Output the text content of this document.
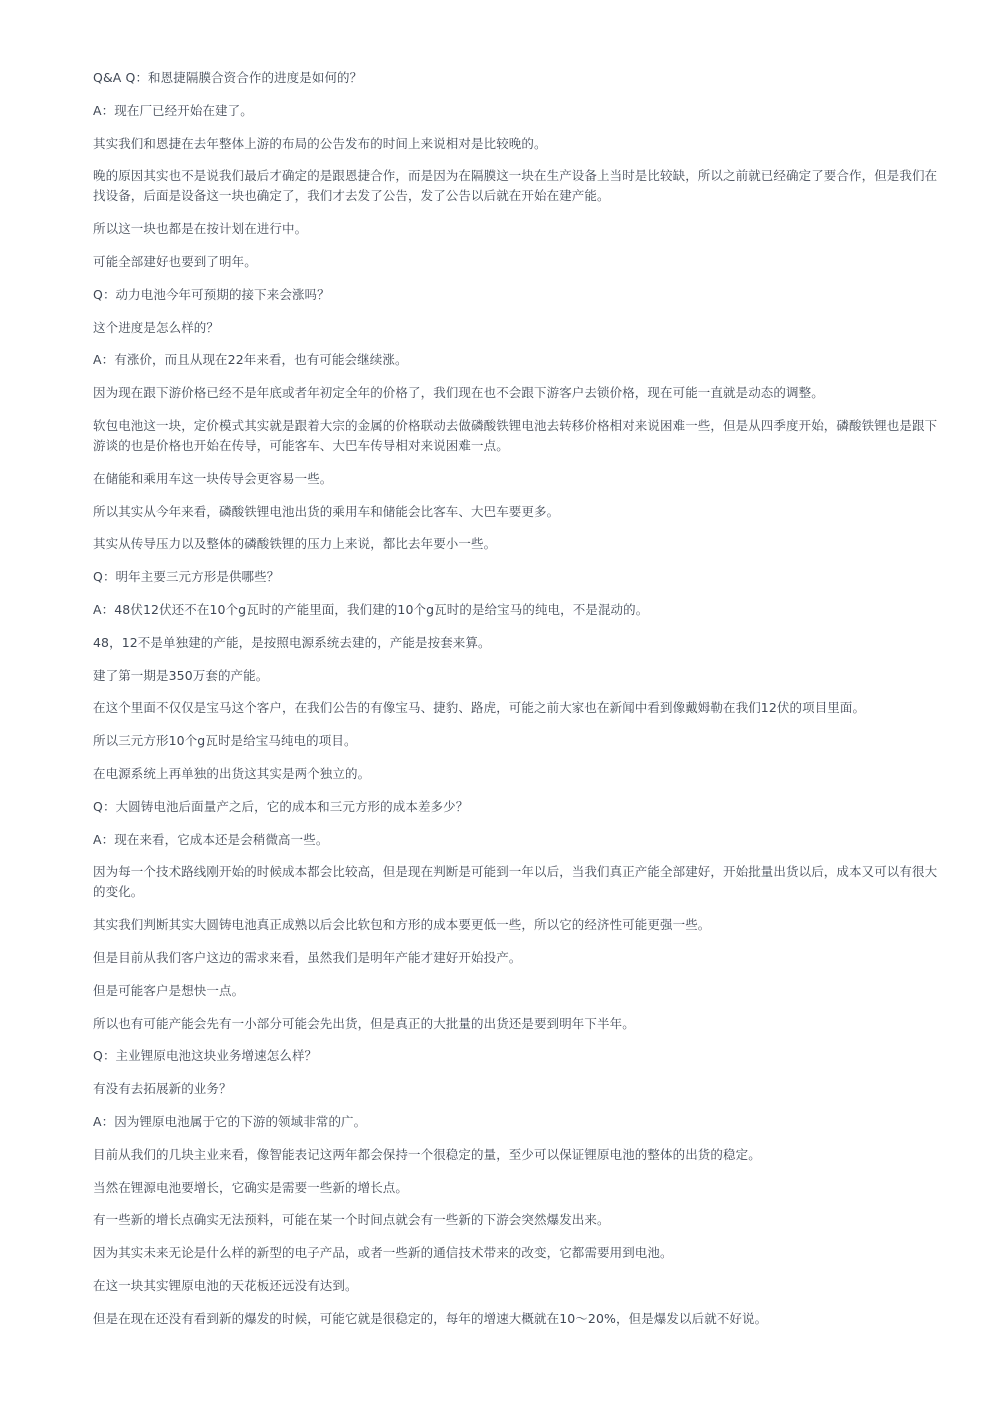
Q&A Q：和恩捷隔膜合资合作的进度是如何的？

A：现在厂已经开始在建了。

其实我们和恩捷在去年整体上游的布局的公告发布的时间上来说相对是比较晚的。

晚的原因其实也不是说我们最后才确定的是跟恩捷合作，而是因为在隔膜这一块在生产设备上当时是比较缺，所以之前就已经确定了要合作，但是我们在找设备，后面是设备这一块也确定了，我们才去发了公告，发了公告以后就在开始在建产能。

所以这一块也都是在按计划在进行中。

可能全部建好也要到了明年。

Q：动力电池今年可预期的接下来会涨吗？

这个进度是怎么样的？

A：有涨价，而且从现在22年来看，也有可能会继续涨。

因为现在跟下游价格已经不是年底或者年初定全年的价格了，我们现在也不会跟下游客户去锁价格，现在可能一直就是动态的调整。

软包电池这一块，定价模式其实就是跟着大宗的金属的价格联动去做磷酸铁锂电池去转移价格相对来说困难一些，但是从四季度开始，磷酸铁锂也是跟下游谈的也是价格也开始在传导，可能客车、大巴车传导相对来说困难一点。

在储能和乘用车这一块传导会更容易一些。

所以其实从今年来看，磷酸铁锂电池出货的乘用车和储能会比客车、大巴车要更多。

其实从传导压力以及整体的磷酸铁锂的压力上来说，都比去年要小一些。

Q：明年主要三元方形是供哪些？

A：48伏12伏还不在10个g瓦时的产能里面，我们建的10个g瓦时的是给宝马的纯电，不是混动的。

48，12不是单独建的产能，是按照电源系统去建的，产能是按套来算。

建了第一期是350万套的产能。

在这个里面不仅仅是宝马这个客户，在我们公告的有像宝马、捷豹、路虎，可能之前大家也在新闻中看到像戴姆勒在我们12伏的项目里面。

所以三元方形10个g瓦时是给宝马纯电的项目。

在电源系统上再单独的出货这其实是两个独立的。

Q：大圆铸电池后面量产之后，它的成本和三元方形的成本差多少？

A：现在来看，它成本还是会稍微高一些。

因为每一个技术路线刚开始的时候成本都会比较高，但是现在判断是可能到一年以后，当我们真正产能全部建好，开始批量出货以后，成本又可以有很大的变化。

其实我们判断其实大圆铸电池真正成熟以后会比软包和方形的成本要更低一些，所以它的经济性可能更强一些。

但是目前从我们客户这边的需求来看，虽然我们是明年产能才建好开始投产。

但是可能客户是想快一点。

所以也有可能产能会先有一小部分可能会先出货，但是真正的大批量的出货还是要到明年下半年。

Q：主业锂原电池这块业务增速怎么样？

有没有去拓展新的业务？

A：因为锂原电池属于它的下游的领域非常的广。

目前从我们的几块主业来看，像智能表记这两年都会保持一个很稳定的量，至少可以保证锂原电池的整体的出货的稳定。

当然在锂源电池要增长，它确实是需要一些新的增长点。

有一些新的增长点确实无法预料，可能在某一个时间点就会有一些新的下游会突然爆发出来。

因为其实未来无论是什么样的新型的电子产品，或者一些新的通信技术带来的改变，它都需要用到电池。

在这一块其实锂原电池的天花板还远没有达到。

但是在现在还没有看到新的爆发的时候，可能它就是很稳定的，每年的增速大概就在10～20%，但是爆发以后就不好说。
